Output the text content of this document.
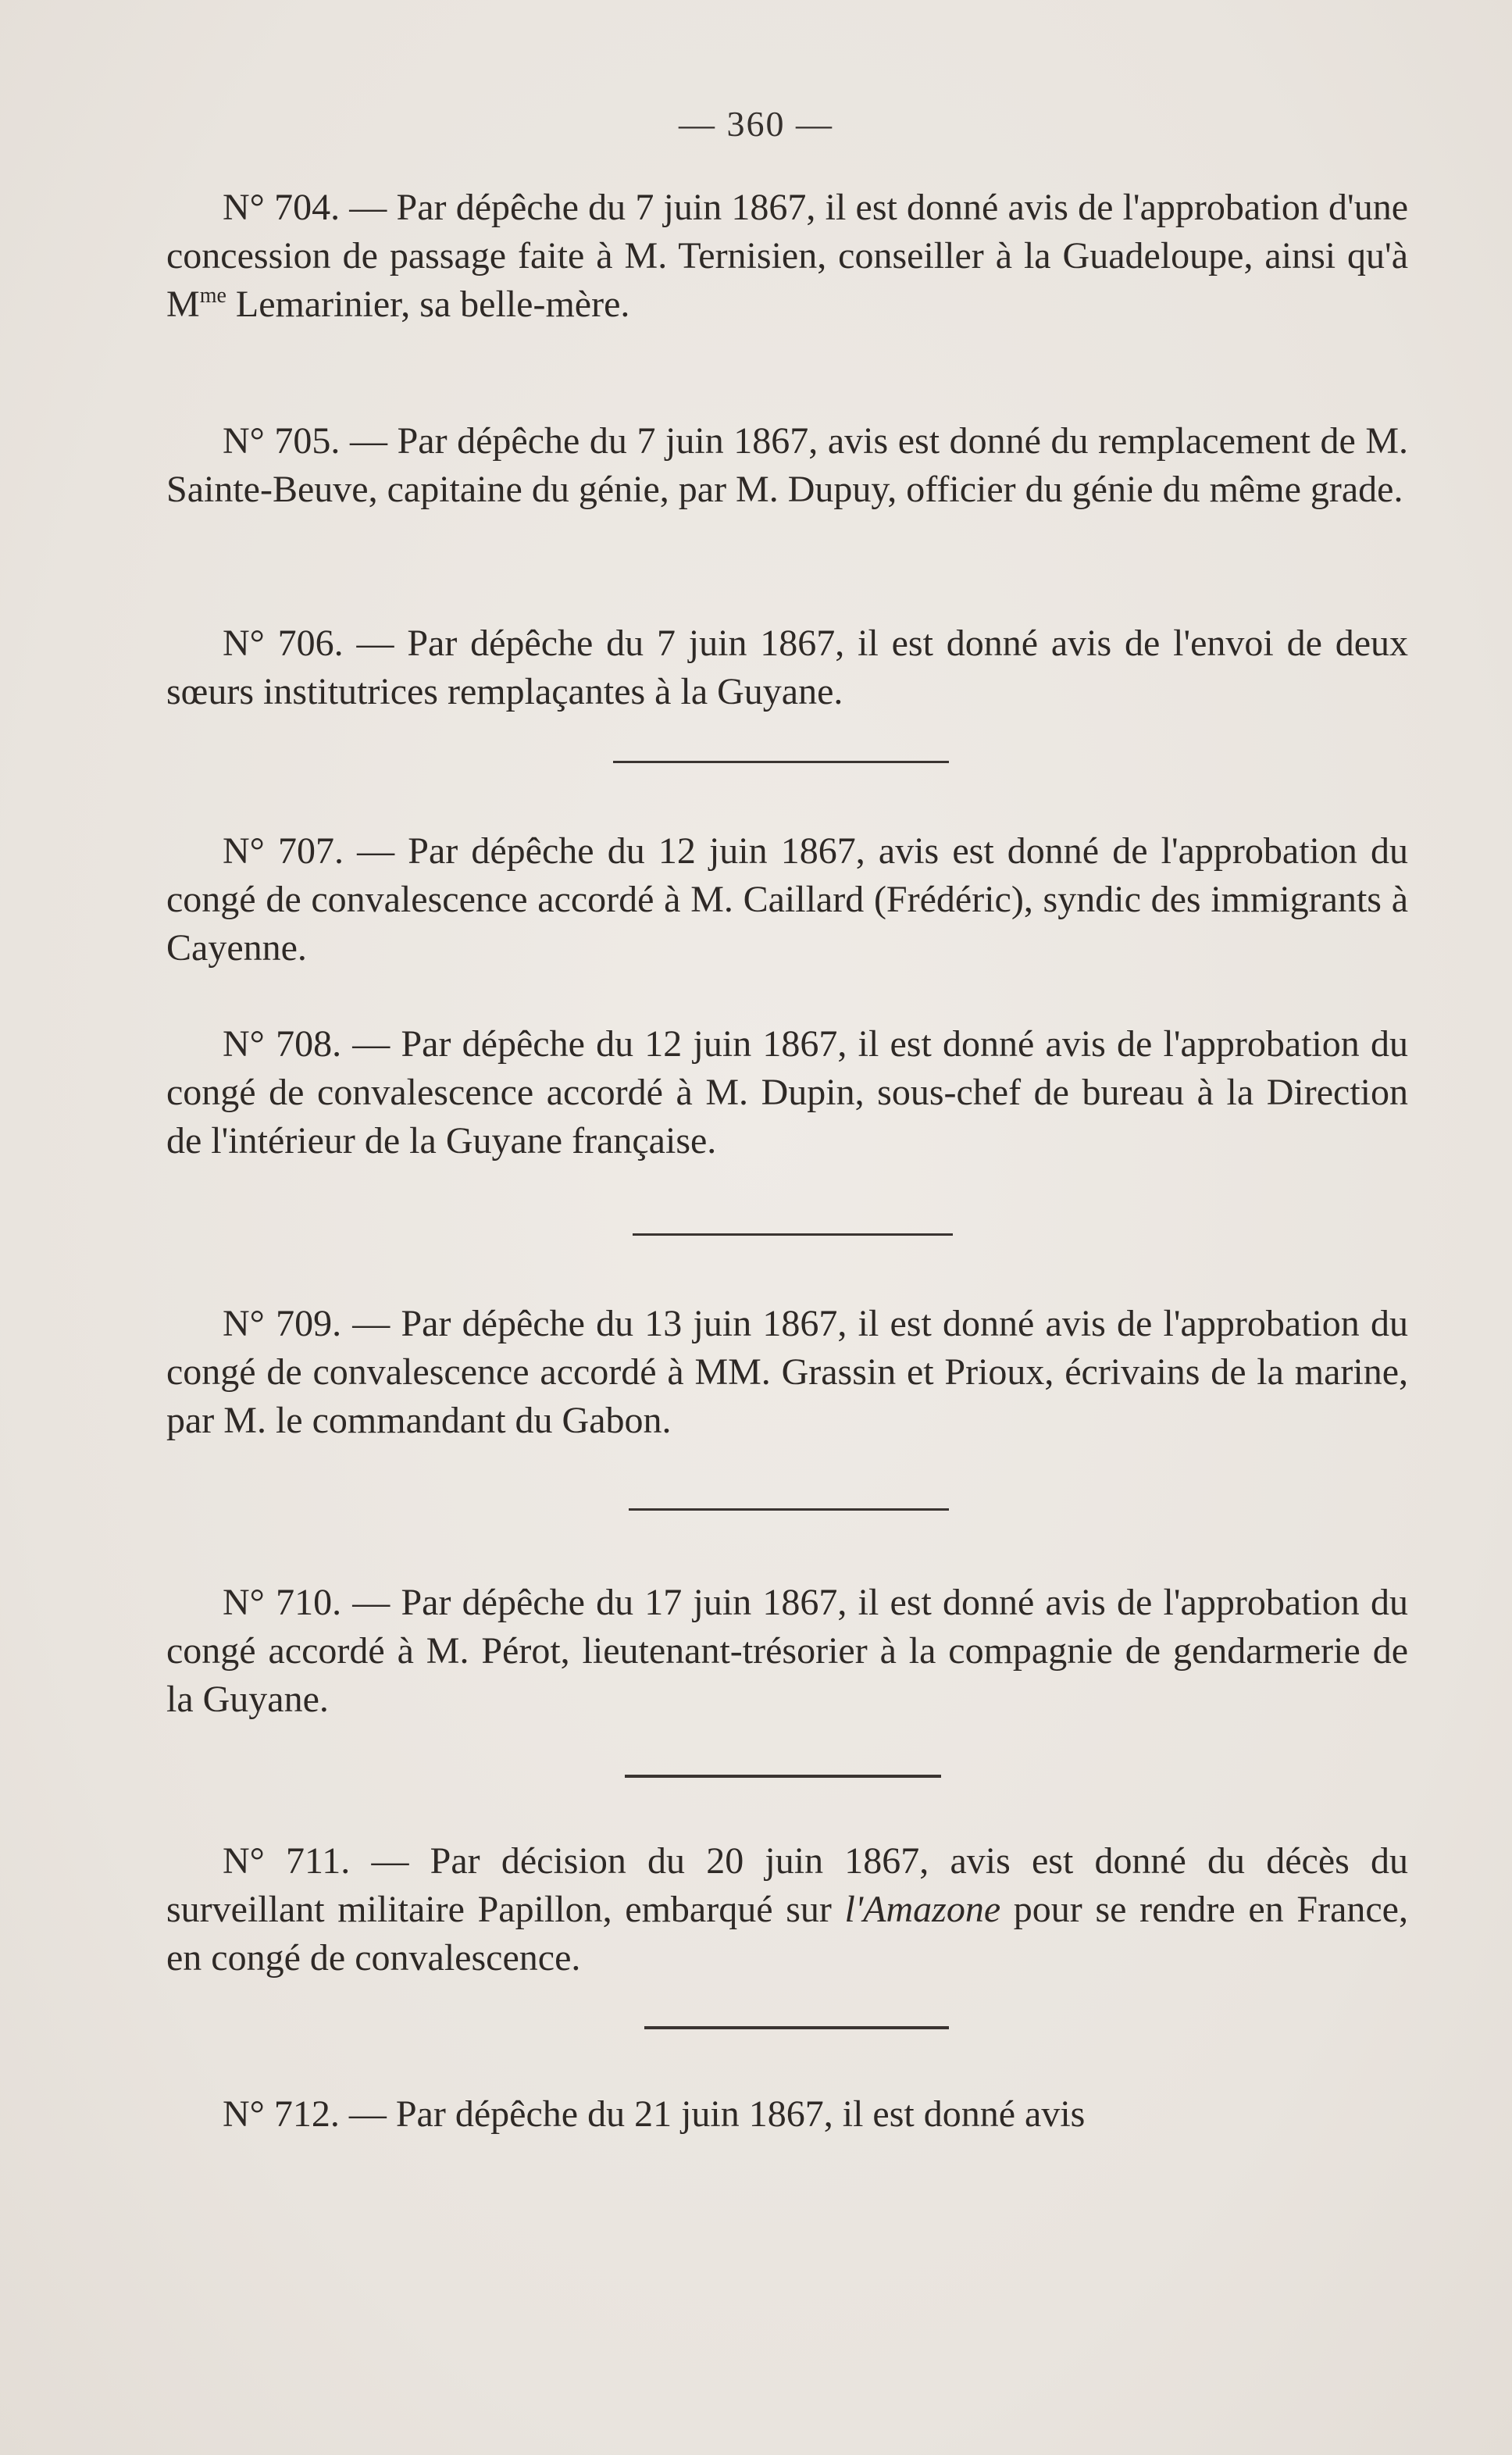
— 360 —

N° 704. — Par dépêche du 7 juin 1867, il est donné avis de l'approbation d'une concession de passage faite à M. Ternisien, conseiller à la Guadeloupe, ainsi qu'à $M^{me}$ Lemarinier, sa belle-mère.

N° 705. — Par dépêche du 7 juin 1867, avis est donné du remplacement de M. Sainte-Beuve, capitaine du génie, par M. Dupuy, officier du génie du même grade.

N° 706. — Par dépêche du 7 juin 1867, il est donné avis de l'envoi de deux sœurs institutrices remplaçantes à la Guyane.

N° 707. — Par dépêche du 12 juin 1867, avis est donné de l'approbation du congé de convalescence accordé à M. Caillard (Frédéric), syndic des immigrants à Cayenne.

N° 708. — Par dépêche du 12 juin 1867, il est donné avis de l'approbation du congé de convalescence accordé à M. Dupin, sous-chef de bureau à la Direction de l'intérieur de la Guyane française.

N° 709. — Par dépêche du 13 juin 1867, il est donné avis de l'approbation du congé de convalescence accordé à MM. Grassin et Prioux, écrivains de la marine, par M. le commandant du Gabon.

N° 710. — Par dépêche du 17 juin 1867, il est donné avis de l'approbation du congé accordé à M. Pérot, lieutenant-trésorier à la compagnie de gendarmerie de la Guyane.

N° 711. — Par décision du 20 juin 1867, avis est donné du décès du surveillant militaire Papillon, embarqué sur l'Amazone pour se rendre en France, en congé de convalescence.

N° 712. — Par dépêche du 21 juin 1867, il est donné avis
